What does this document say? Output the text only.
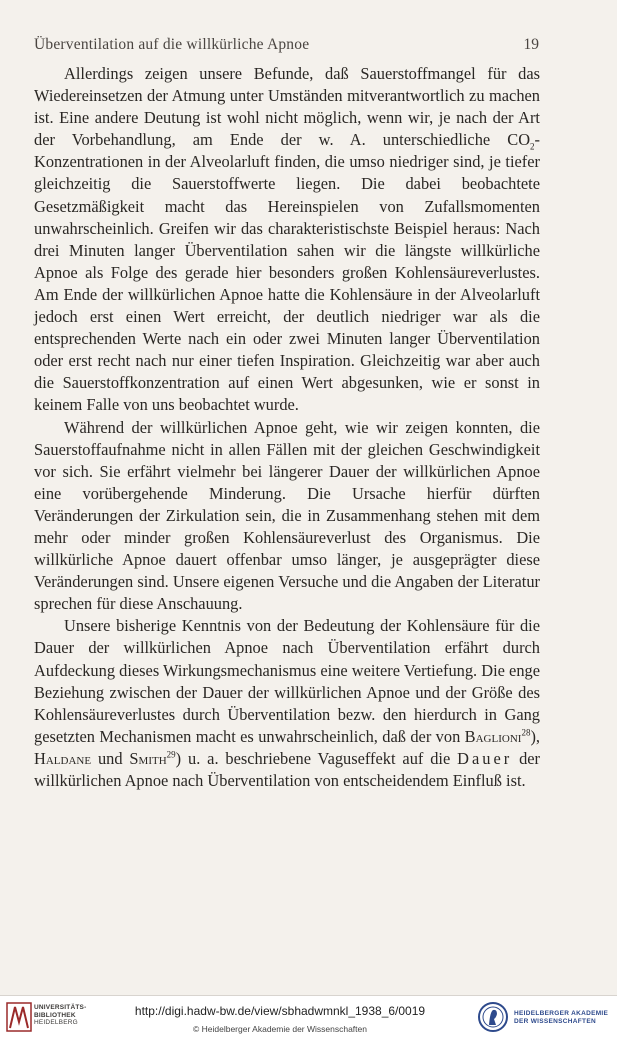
Überventilation auf die willkürliche Apnoe	19

Allerdings zeigen unsere Befunde, daß Sauerstoffmangel für das Wiedereinsetzen der Atmung unter Umständen mitverantwortlich zu machen ist. Eine andere Deutung ist wohl nicht möglich, wenn wir, je nach der Art der Vorbehandlung, am Ende der w. A. unterschiedliche $CO_2$-Konzentrationen in der Alveolarluft finden, die umso niedriger sind, je tiefer gleichzeitig die Sauerstoffwerte liegen. Die dabei beobachtete Gesetzmäßigkeit macht das Hereinspielen von Zufallsmomenten unwahrscheinlich. Greifen wir das charakteristischste Beispiel heraus: Nach drei Minuten langer Überventilation sahen wir die längste willkürliche Apnoe als Folge des gerade hier besonders großen Kohlensäureverlustes. Am Ende der willkürlichen Apnoe hatte die Kohlensäure in der Alveolarluft jedoch erst einen Wert erreicht, der deutlich niedriger war als die entsprechenden Werte nach ein oder zwei Minuten langer Überventilation oder erst recht nach nur einer tiefen Inspiration. Gleichzeitig war aber auch die Sauerstoffkonzentration auf einen Wert abgesunken, wie er sonst in keinem Falle von uns beobachtet wurde.

Während der willkürlichen Apnoe geht, wie wir zeigen konnten, die Sauerstoffaufnahme nicht in allen Fällen mit der gleichen Geschwindigkeit vor sich. Sie erfährt vielmehr bei längerer Dauer der willkürlichen Apnoe eine vorübergehende Minderung. Die Ursache hierfür dürften Veränderungen der Zirkulation sein, die in Zusammenhang stehen mit dem mehr oder minder großen Kohlensäureverlust des Organismus. Die willkürliche Apnoe dauert offenbar umso länger, je ausgeprägter diese Veränderungen sind. Unsere eigenen Versuche und die Angaben der Literatur sprechen für diese Anschauung.

Unsere bisherige Kenntnis von der Bedeutung der Kohlensäure für die Dauer der willkürlichen Apnoe nach Überventilation erfährt durch Aufdeckung dieses Wirkungsmechanismus eine weitere Vertiefung. Die enge Beziehung zwischen der Dauer der willkürlichen Apnoe und der Größe des Kohlensäureverlustes durch Überventilation bezw. den hierdurch in Gang gesetzten Mechanismen macht es unwahrscheinlich, daß der von Baglioni$^{28}$), Haldane und Smith$^{29}$) u. a. beschriebene Vaguseffekt auf die Dauer der willkürlichen Apnoe nach Überventilation von entscheidendem Einfluß ist.

UNIVERSITÄTS-
BIBLIOTHEK
HEIDELBERG
http://digi.hadw-bw.de/view/sbhadwmnkl_1938_6/0019
© Heidelberger Akademie der Wissenschaften
HEIDELBERGER AKADEMIE
DER WISSENSCHAFTEN
